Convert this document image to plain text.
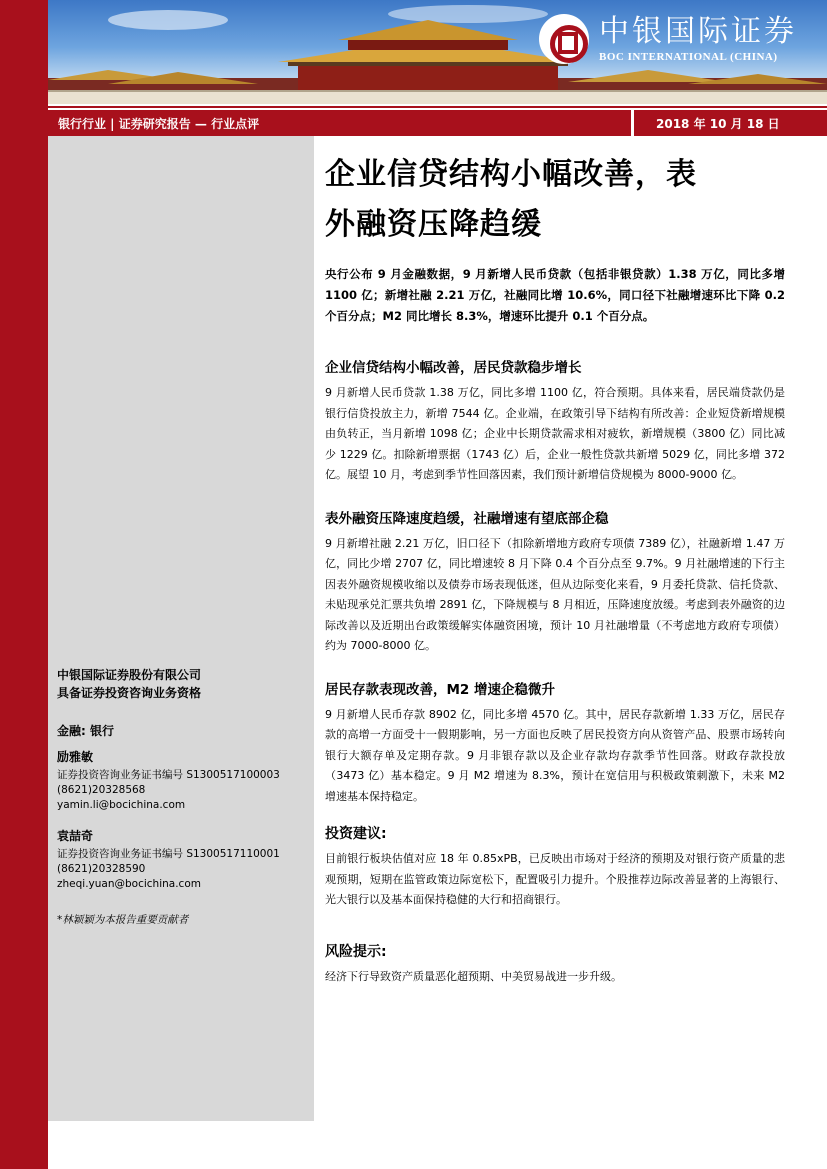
中银国际证券
BOC INTERNATIONAL (CHINA)
银行行业 | 证券研究报告 — 行业点评	2018 年 10 月 18 日
中银国际证券股份有限公司
具备证券投资咨询业务资格
金融: 银行
励雅敏
证券投资咨询业务证书编号 S1300517100003
(8621)20328568
yamin.li@bocichina.com
袁喆奇
证券投资咨询业务证书编号 S1300517110001
(8621)20328590
zheqi.yuan@bocichina.com
*林颖颖为本报告重要贡献者
企业信贷结构小幅改善，表
外融资压降趋缓
央行公布 9 月金融数据，9 月新增人民币贷款（包括非银贷款）1.38 万亿，同比多增 1100 亿；新增社融 2.21 万亿，社融同比增 10.6%，同口径下社融增速环比下降 0.2 个百分点；M2 同比增长 8.3%，增速环比提升 0.1 个百分点。
企业信贷结构小幅改善，居民贷款稳步增长
9 月新增人民币贷款 1.38 万亿，同比多增 1100 亿，符合预期。具体来看，居民端贷款仍是银行信贷投放主力，新增 7544 亿。企业端，在政策引导下结构有所改善：企业短贷新增规模由负转正，当月新增 1098 亿；企业中长期贷款需求相对疲软，新增规模（3800 亿）同比减少 1229 亿。扣除新增票据（1743 亿）后，企业一般性贷款共新增 5029 亿，同比多增 372 亿。展望 10 月，考虑到季节性回落因素，我们预计新增信贷规模为 8000-9000 亿。
表外融资压降速度趋缓，社融增速有望底部企稳
9 月新增社融 2.21 万亿，旧口径下（扣除新增地方政府专项债 7389 亿），社融新增 1.47 万亿，同比少增 2707 亿，同比增速较 8 月下降 0.4 个百分点至 9.7%。9 月社融增速的下行主因表外融资规模收缩以及债券市场表现低迷，但从边际变化来看，9 月委托贷款、信托贷款、未贴现承兑汇票共负增 2891 亿，下降规模与 8 月相近，压降速度放缓。考虑到表外融资的边际改善以及近期出台政策缓解实体融资困境，预计 10 月社融增量（不考虑地方政府专项债）约为 7000-8000 亿。
居民存款表现改善，M2 增速企稳微升
9 月新增人民币存款 8902 亿，同比多增 4570 亿。其中，居民存款新增 1.33 万亿，居民存款的高增一方面受十一假期影响，另一方面也反映了居民投资方向从资管产品、股票市场转向银行大额存单及定期存款。9 月非银存款以及企业存款均存款季节性回落。财政存款投放（3473 亿）基本稳定。9 月 M2 增速为 8.3%，预计在宽信用与积极政策刺激下，未来 M2 增速基本保持稳定。
投资建议:
目前银行板块估值对应 18 年 0.85xPB，已反映出市场对于经济的预期及对银行资产质量的悲观预期，短期在监管政策边际宽松下，配置吸引力提升。个股推荐边际改善显著的上海银行、光大银行以及基本面保持稳健的大行和招商银行。
风险提示:
经济下行导致资产质量恶化超预期、中美贸易战进一步升级。
